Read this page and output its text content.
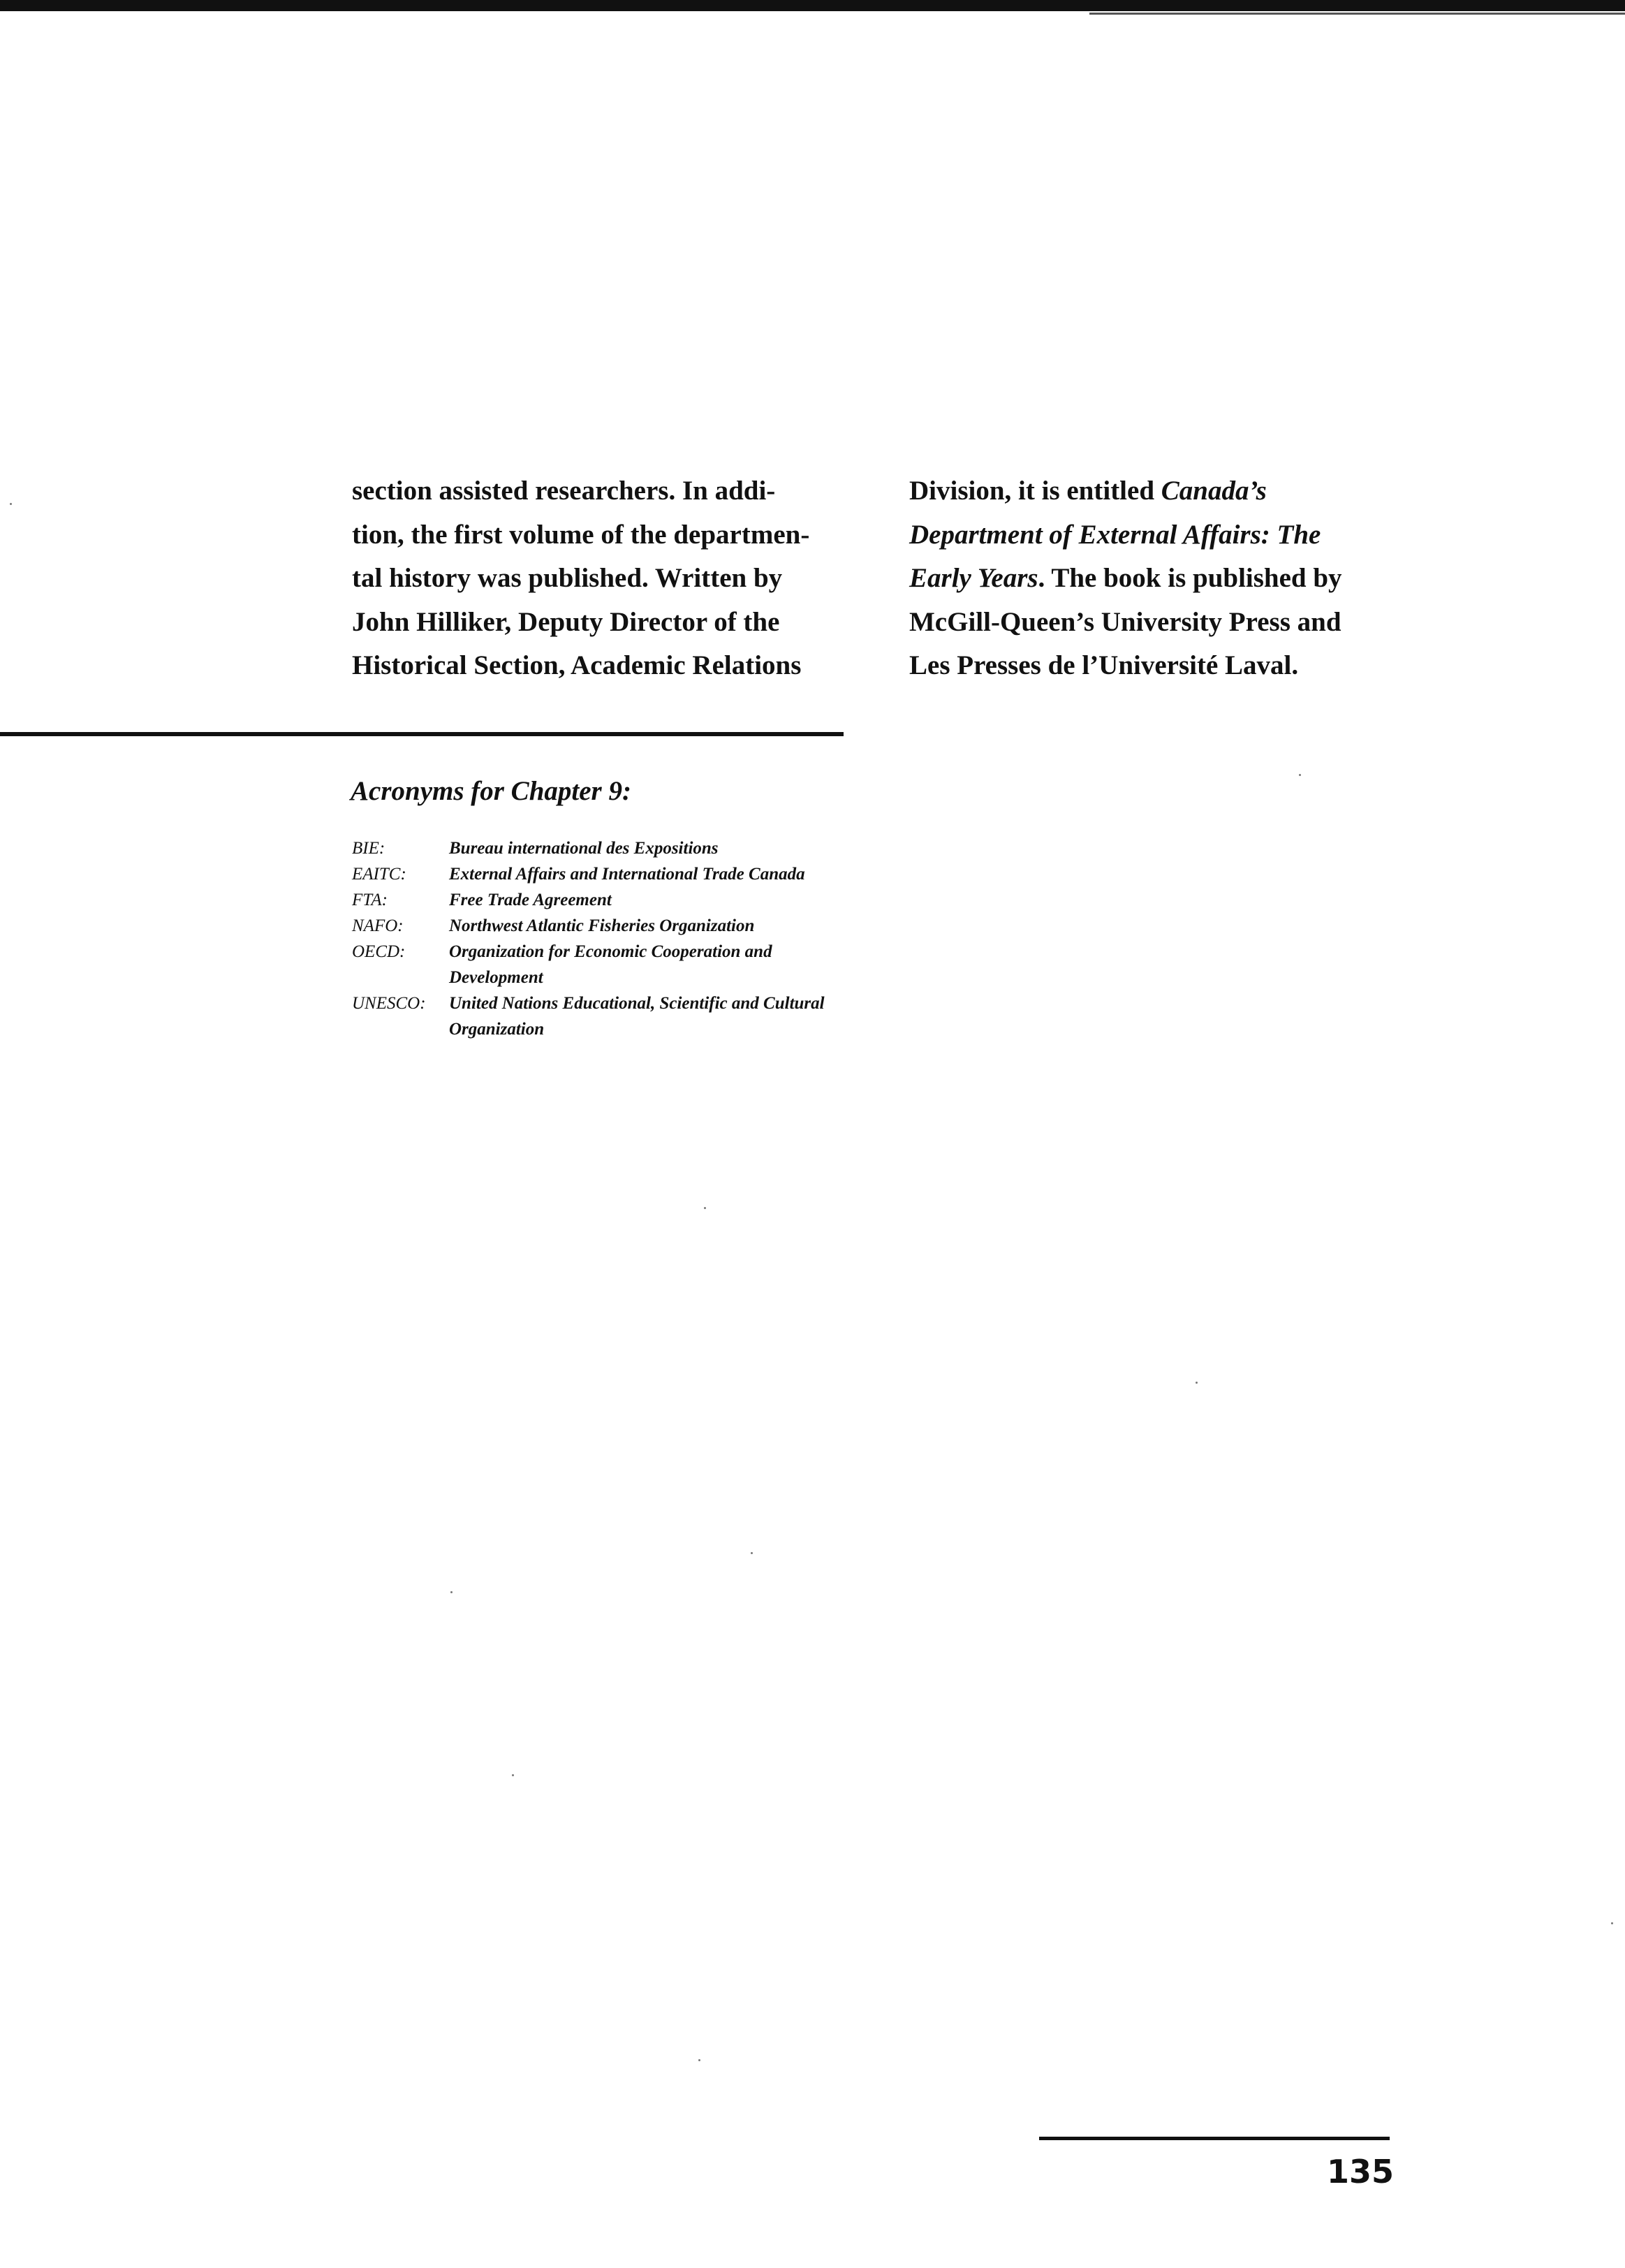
section assisted researchers. In addi-
tion, the first volume of the departmen-
tal history was published. Written by
John Hilliker, Deputy Director of the
Historical Section, Academic Relations
Division, it is entitled Canada’s
Department of External Affairs: The
Early Years. The book is published by
McGill-Queen’s University Press and
Les Presses de l’Université Laval.
Acronyms for Chapter 9:
BIE:	Bureau international des Expositions
EAITC:	External Affairs and International Trade Canada
FTA:	Free Trade Agreement
NAFO:	Northwest Atlantic Fisheries Organization
OECD:	Organization for Economic Cooperation and Development
UNESCO:	United Nations Educational, Scientific and Cultural Organization
135
